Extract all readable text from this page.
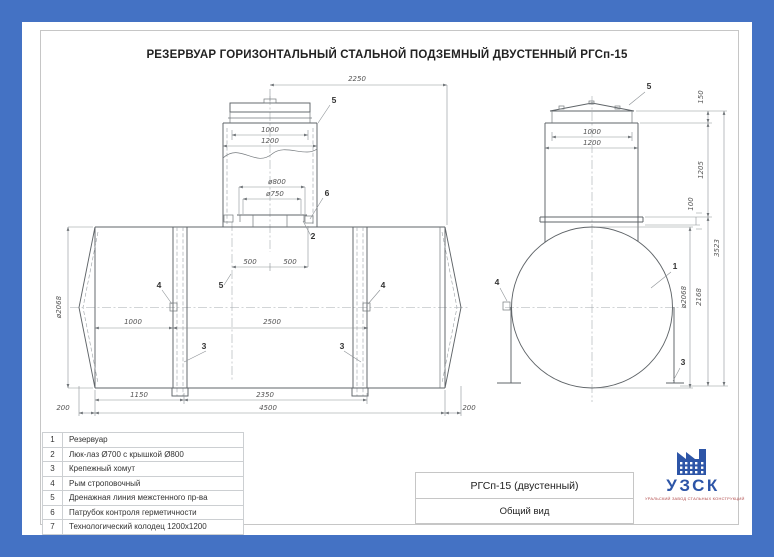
РЕЗЕРВУАР ГОРИЗОНТАЛЬНЫЙ СТАЛЬНОЙ ПОДЗЕМНЫЙ ДВУСТЕННЫЙ РГСп-15
2250
1000
1200
ø800
ø750
500	500
1000	2500
1150	2350
4500
200	200
ø2068
1000
1200
150
1205
100
3523
2168
ø2068
5
6
2
4	4
5
3	3
5
1
4
3
1	Резервуар
2	Люк-лаз Ø700 с крышкой Ø800
3	Крепежный хомут
4	Рым строповочный
5	Дренажная линия межстенного пр-ва
6	Патрубок контроля герметичности
7	Технологический колодец 1200х1200
РГСп-15 (двустенный)
Общий вид
УЗСК
УРАЛЬСКИЙ ЗАВОД СТАЛЬНЫХ КОНСТРУКЦИЙ
